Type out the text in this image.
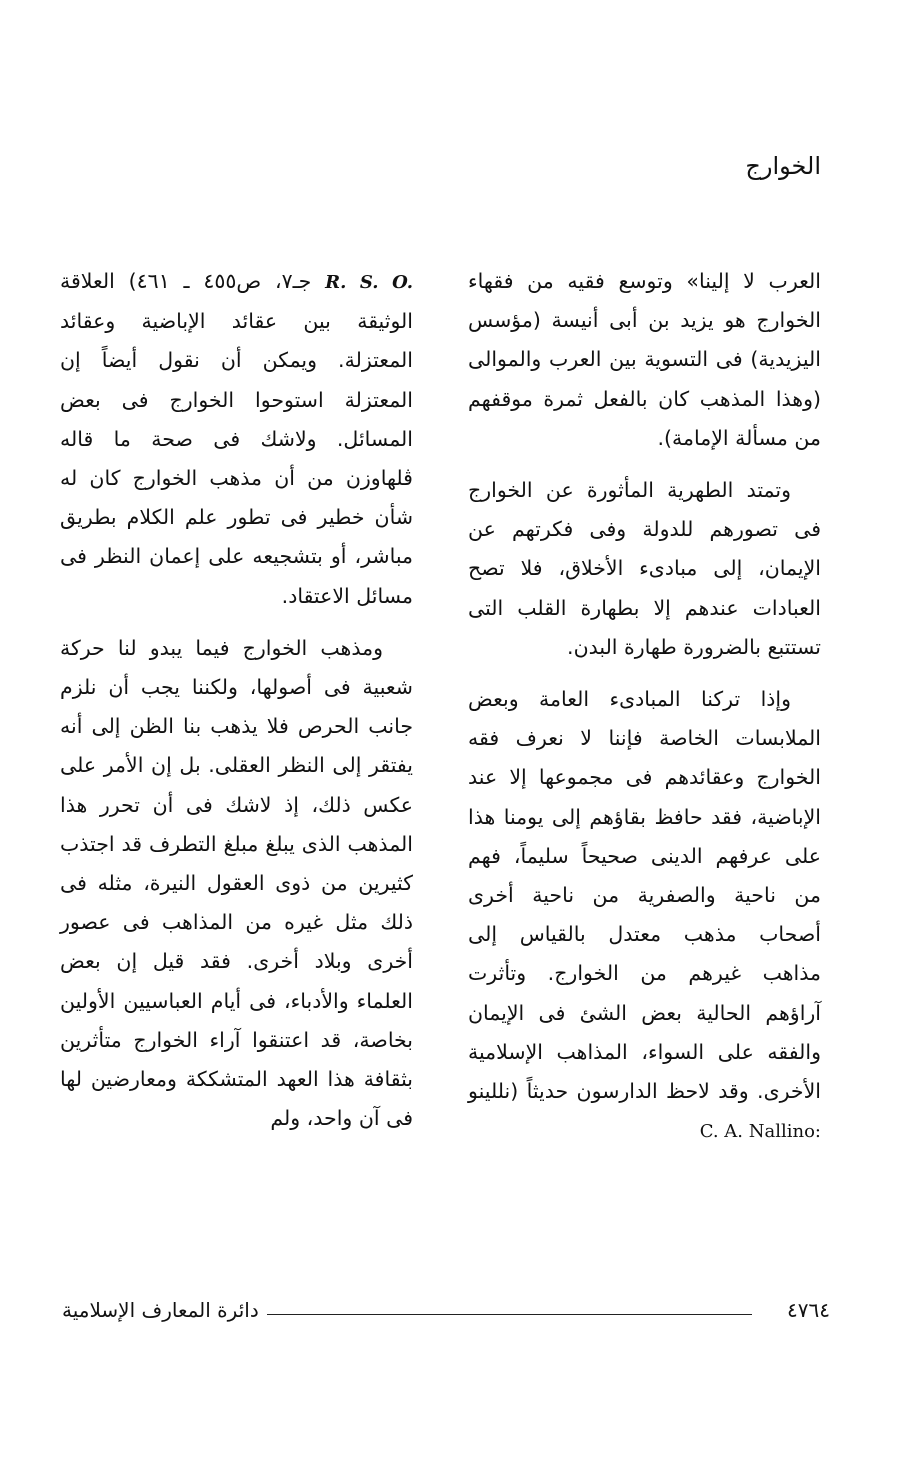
الخوارج

العرب لا إلينا» وتوسع فقيه من فقهاء الخوارج هو يزيد بن أبى أنيسة (مؤسس اليزيدية) فى التسوية بين العرب والموالى (وهذا المذهب كان بالفعل ثمرة موقفهم من مسألة الإمامة).

وتمتد الطهرية المأثورة عن الخوارج فى تصورهم للدولة وفى فكرتهم عن الإيمان، إلى مبادىء الأخلاق، فلا تصح العبادات عندهم إلا بطهارة القلب التى تستتبع بالضرورة طهارة البدن.

وإذا تركنا المبادىء العامة وبعض الملابسات الخاصة فإننا لا نعرف فقه الخوارج وعقائدهم فى مجموعها إلا عند الإباضية، فقد حافظ بقاؤهم إلى يومنا هذا على عرفهم الدينى صحيحاً سليماً، فهم من ناحية والصفرية من ناحية أخرى أصحاب مذهب معتدل بالقياس إلى مذاهب غيرهم من الخوارج. وتأثرت آراؤهم الحالية بعض الشئ فى الإيمان والفقه على السواء، المذاهب الإسلامية الأخرى. وقد لاحظ الدارسون حديثاً (نللينو C. A. Nallino:

R. S. O. جـ٧، ص٤٥٥ ـ ٤٦١) العلاقة الوثيقة بين عقائد الإباضية وعقائد المعتزلة. ويمكن أن نقول أيضاً إن المعتزلة استوحوا الخوارج فى بعض المسائل. ولاشك فى صحة ما قاله ڤلهاوزن من أن مذهب الخوارج كان له شأن خطير فى تطور علم الكلام بطريق مباشر، أو بتشجيعه على إعمان النظر فى مسائل الاعتقاد.

ومذهب الخوارج فيما يبدو لنا حركة شعبية فى أصولها، ولكننا يجب أن نلزم جانب الحرص فلا يذهب بنا الظن إلى أنه يفتقر إلى النظر العقلى. بل إن الأمر على عكس ذلك، إذ لاشك فى أن تحرر هذا المذهب الذى يبلغ مبلغ التطرف قد اجتذب كثيرين من ذوى العقول النيرة، مثله فى ذلك مثل غيره من المذاهب فى عصور أخرى وبلاد أخرى. فقد قيل إن بعض العلماء والأدباء، فى أيام العباسيين الأولين بخاصة، قد اعتنقوا آراء الخوارج متأثرين بثقافة هذا العهد المتشككة ومعارضين لها فى آن واحد، ولم

٤٧٦٤
دائرة المعارف الإسلامية
